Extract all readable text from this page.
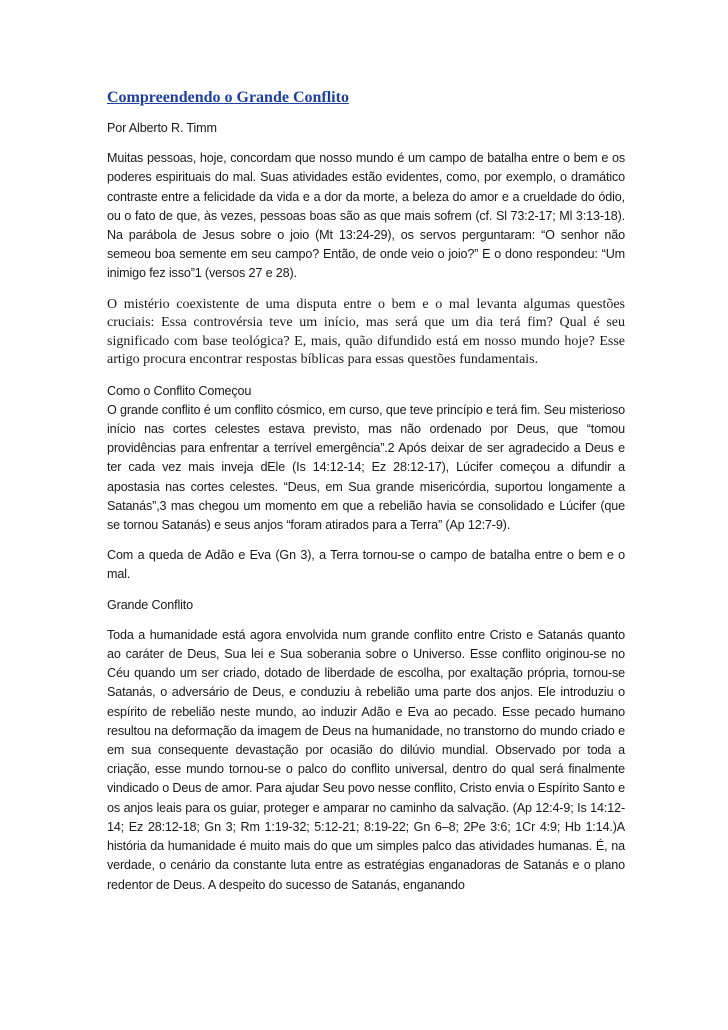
Compreendendo o Grande Conflito

Por Alberto R. Timm

Muitas pessoas, hoje, concordam que nosso mundo é um campo de batalha entre o bem e os poderes espirituais do mal. Suas atividades estão evidentes, como, por exemplo, o dramático contraste entre a felicidade da vida e a dor da morte, a beleza do amor e a crueldade do ódio, ou o fato de que, às vezes, pessoas boas são as que mais sofrem (cf. Sl 73:2-17; Ml 3:13-18). Na parábola de Jesus sobre o joio (Mt 13:24-29), os servos perguntaram: “O senhor não semeou boa semente em seu campo? Então, de onde veio o joio?” E o dono respondeu: “Um inimigo fez isso”1 (versos 27 e 28).

O mistério coexistente de uma disputa entre o bem e o mal levanta algumas questões cruciais: Essa controvérsia teve um início, mas será que um dia terá fim? Qual é seu significado com base teológica? E, mais, quão difundido está em nosso mundo hoje? Esse artigo procura encontrar respostas bíblicas para essas questões fundamentais.

Como o Conflito Começou
O grande conflito é um conflito cósmico, em curso, que teve princípio e terá fim. Seu misterioso início nas cortes celestes estava previsto, mas não ordenado por Deus, que “tomou providências para enfrentar a terrível emergência”.2 Após deixar de ser agradecido a Deus e ter cada vez mais inveja dEle (Is 14:12-14; Ez 28:12-17), Lúcifer começou a difundir a apostasia nas cortes celestes. “Deus, em Sua grande misericórdia, suportou longamente a Satanás”,3 mas chegou um momento em que a rebelião havia se consolidado e Lúcifer (que se tornou Satanás) e seus anjos “foram atirados para a Terra” (Ap 12:7-9).

Com a queda de Adão e Eva (Gn 3), a Terra tornou-se o campo de batalha entre o bem e o mal.

Grande Conflito

Toda a humanidade está agora envolvida num grande conflito entre Cristo e Satanás quanto ao caráter de Deus, Sua lei e Sua soberania sobre o Universo. Esse conflito originou-se no Céu quando um ser criado, dotado de liberdade de escolha, por exaltação própria, tornou-se Satanás, o adversário de Deus, e conduziu à rebelião uma parte dos anjos. Ele introduziu o espírito de rebelião neste mundo, ao induzir Adão e Eva ao pecado. Esse pecado humano resultou na deformação da imagem de Deus na humanidade, no transtorno do mundo criado e em sua consequente devastação por ocasião do dilúvio mundial. Observado por toda a criação, esse mundo tornou-se o palco do conflito universal, dentro do qual será finalmente vindicado o Deus de amor. Para ajudar Seu povo nesse conflito, Cristo envia o Espírito Santo e os anjos leais para os guiar, proteger e amparar no caminho da salvação. (Ap 12:4-9; Is 14:12-14; Ez 28:12-18; Gn 3; Rm 1:19-32; 5:12-21; 8:19-22; Gn 6–8; 2Pe 3:6; 1Cr 4:9; Hb 1:14.)A história da humanidade é muito mais do que um simples palco das atividades humanas. É, na verdade, o cenário da constante luta entre as estratégias enganadoras de Satanás e o plano redentor de Deus. A despeito do sucesso de Satanás, enganando
